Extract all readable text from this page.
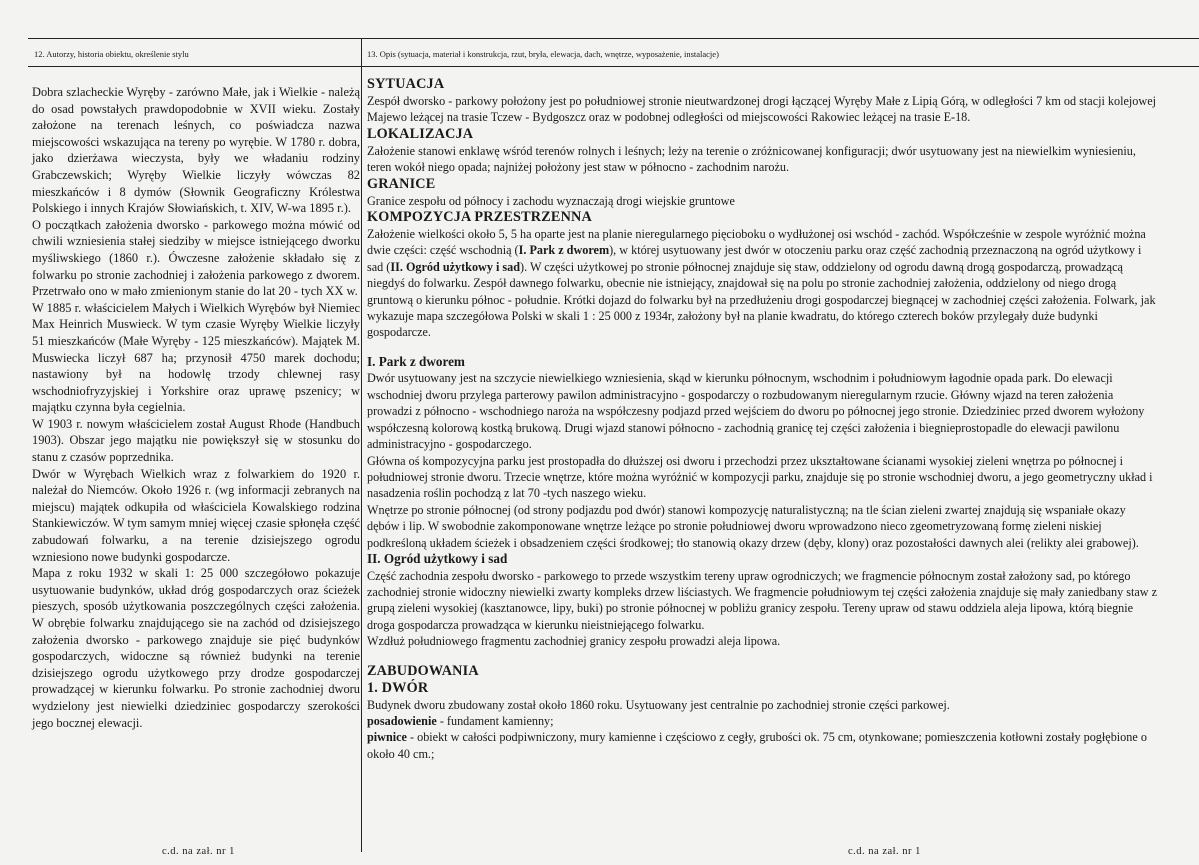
12. Autorzy, historia obiektu, określenie stylu	13. Opis (sytuacja, materiał i konstrukcja, rzut, bryła, elewacja, dach, wnętrze, wyposażenie, instalacje)

Dobra szlacheckie Wyręby - zarówno Małe, jak i Wielkie - należą do osad powstałych prawdopodobnie w XVII wieku. Zostały założone na terenach leśnych, co poświadcza nazwa miejscowości wskazująca na tereny po wyrębie. W 1780 r. dobra, jako dzierżawa wieczysta, były we władaniu rodziny Grabczewskich; Wyręby Wielkie liczyły wówczas 82 mieszkańców i 8 dymów (Słownik Geograficzny Królestwa Polskiego i innych Krajów Słowiańskich, t. XIV, W-wa 1895 r.).

O początkach założenia dworsko - parkowego można mówić od chwili wzniesienia stałej siedziby w miejsce istniejącego dworku myśliwskiego (1860 r.). Ówczesne założenie składało się z folwarku po stronie zachodniej i założenia parkowego z dworem. Przetrwało ono w mało zmienionym stanie do lat 20 - tych XX w.

W 1885 r. właścicielem Małych i Wielkich Wyrębów był Niemiec Max Heinrich Muswieck. W tym czasie Wyręby Wielkie liczyły 51 mieszkańców (Małe Wyręby - 125 mieszkańców). Majątek M. Muswiecka liczył 687 ha; przynosił 4750 marek dochodu; nastawiony był na hodowlę trzody chlewnej rasy wschodniofryzyjskiej i Yorkshire oraz uprawę pszenicy; w majątku czynna była cegielnia.

W 1903 r. nowym właścicielem został August Rhode (Handbuch 1903). Obszar jego majątku nie powiększył się w stosunku do stanu z czasów poprzednika.

Dwór w Wyrębach Wielkich wraz z folwarkiem do 1920 r. należał do Niemców. Około 1926 r. (wg informacji zebranych na miejscu) majątek odkupiła od właściciela Kowalskiego rodzina Stankiewiczów. W tym samym mniej więcej czasie spłonęła część zabudowań folwarku, a na terenie dzisiejszego ogrodu wzniesiono nowe budynki gospodarcze.

Mapa z roku 1932 w skali 1: 25 000 szczegółowo pokazuje usytuowanie budynków, układ dróg gospodarczych oraz ścieżek pieszych, sposób użytkowania poszczególnych części założenia. W obrębie folwarku znajdującego sie na zachód od dzisiejszego założenia dworsko - parkowego znajduje sie pięć budynków gospodarczych, widoczne są również budynki na terenie dzisiejszego ogrodu użytkowego przy drodze gospodarczej prowadzącej w kierunku folwarku. Po stronie zachodniej dworu wydzielony jest niewielki dziedziniec gospodarczy szerokości jego bocznej elewacji.

SYTUACJA

Zespół dworsko - parkowy położony jest po południowej stronie nieutwardzonej drogi łączącej Wyręby Małe z Lipią Górą, w odległości 7 km od stacji kolejowej Majewo leżącej na trasie Tczew - Bydgoszcz oraz w podobnej odległości od miejscowości Rakowiec leżącej na trasie E-18.

LOKALIZACJA

Założenie stanowi enklawę wśród terenów rolnych i leśnych; leży na terenie o zróżnicowanej konfiguracji; dwór usytuowany jest na niewielkim wyniesieniu, teren wokół niego opada; najniżej położony jest staw w północno - zachodnim narożu.

GRANICE

Granice zespołu od północy i zachodu wyznaczają drogi wiejskie gruntowe

KOMPOZYCJA PRZESTRZENNA

Założenie wielkości około 5, 5 ha oparte jest na planie nieregularnego pięcioboku o wydłużonej osi wschód - zachód. Współcześnie w zespole wyróżnić można dwie części: część wschodnią (I. Park z dworem), w której usytuowany jest dwór w otoczeniu parku oraz część zachodnią przeznaczoną na ogród użytkowy i sad (II. Ogród użytkowy i sad). W części użytkowej po stronie północnej znajduje się staw, oddzielony od ogrodu dawną drogą gospodarczą, prowadzącą niegdyś do folwarku. Zespół dawnego folwarku, obecnie nie istniejący, znajdował się na polu po stronie zachodniej założenia, oddzielony od niego drogą gruntową o kierunku północ - południe. Krótki dojazd do folwarku był na przedłużeniu drogi gospodarczej biegnącej w zachodniej części założenia. Folwark, jak wykazuje mapa szczegółowa Polski w skali 1 : 25 000 z 1934r, założony był na planie kwadratu, do którego czterech boków przylegały duże budynki gospodarcze.

I. Park z dworem

Dwór usytuowany jest na szczycie niewielkiego wzniesienia, skąd w kierunku północnym, wschodnim i południowym łagodnie opada park. Do elewacji wschodniej dworu przylega parterowy pawilon administracyjno - gospodarczy o rozbudowanym nieregularnym rzucie. Główny wjazd na teren założenia prowadzi z północno - wschodniego naroża na współczesny podjazd przed wejściem do dworu po północnej jego stronie. Dziedziniec przed dworem wyłożony współczesną kolorową kostką brukową. Drugi wjazd stanowi północno - zachodnią granicę tej części założenia i biegnieprostopadle do elewacji pawilonu administracyjno - gospodarczego.

Główna oś kompozycyjna parku jest prostopadła do dłuższej osi dworu i przechodzi przez ukształtowane ścianami wysokiej zieleni wnętrza po północnej i południowej stronie dworu. Trzecie wnętrze, które można wyróżnić w kompozycji parku, znajduje się po stronie wschodniej dworu, a jego geometryczny układ i nasadzenia roślin pochodzą z lat 70 -tych naszego wieku.

Wnętrze po stronie północnej (od strony podjazdu pod dwór) stanowi kompozycję naturalistyczną; na tle ścian zieleni zwartej znajdują się wspaniałe okazy dębów i lip. W swobodnie zakomponowane wnętrze leżące po stronie południowej dworu wprowadzono nieco zgeometryzowaną formę zieleni niskiej podkreśloną układem ścieżek i obsadzeniem części środkowej; tło stanowią okazy drzew (dęby, klony) oraz pozostałości dawnych alei (relikty alei grabowej).

II. Ogród użytkowy i sad

Część zachodnia zespołu dworsko - parkowego to przede wszystkim tereny upraw ogrodniczych; we fragmencie północnym został założony sad, po którego zachodniej stronie widoczny niewielki zwarty kompleks drzew liściastych. We fragmencie południowym tej części założenia znajduje się mały zaniedbany staw z grupą zieleni wysokiej (kasztanowce, lipy, buki) po stronie północnej w pobliżu granicy zespołu. Tereny upraw od stawu oddziela aleja lipowa, którą biegnie droga gospodarcza prowadząca w kierunku nieistniejącego folwarku.

Wzdłuż południowego fragmentu zachodniej granicy zespołu prowadzi aleja lipowa.

ZABUDOWANIA
1. DWÓR

Budynek dworu zbudowany został około 1860 roku. Usytuowany jest centralnie po zachodniej stronie części parkowej.

posadowienie - fundament kamienny;

piwnice - obiekt w całości podpiwniczony, mury kamienne i częściowo z cegły, grubości ok. 75 cm, otynkowane; pomieszczenia kotłowni zostały pogłębione o około 40 cm.;

c.d. na zał. nr 1	c.d. na zał. nr 1
